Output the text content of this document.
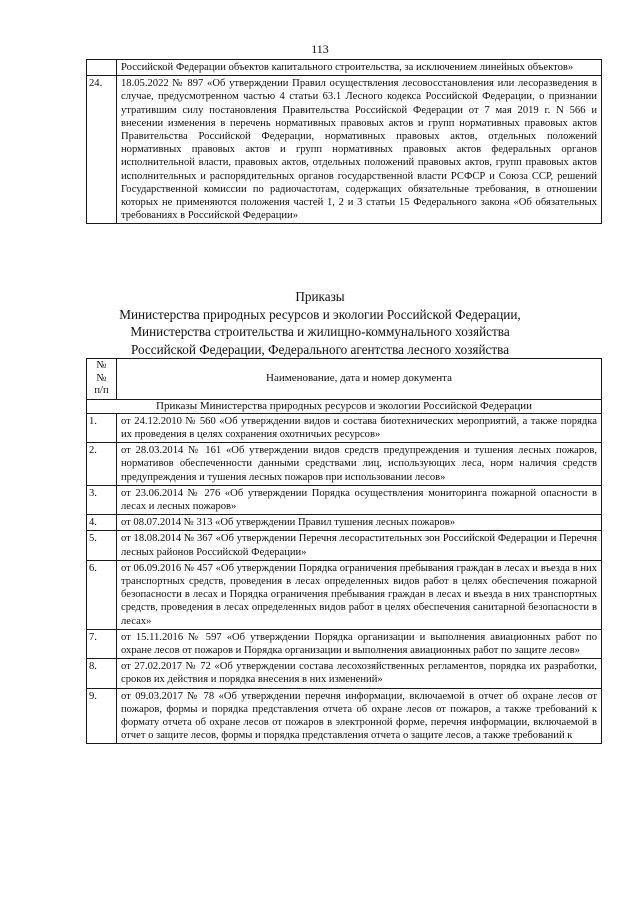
113
	Российской Федерации объектов капитального строительства, за исключением линейных объектов»
24.	18.05.2022 № 897 «Об утверждении Правил осуществления лесовосстановления или лесоразведения в случае, предусмотренном частью 4 статьи 63.1 Лесного кодекса Российской Федерации, о признании утратившим силу постановления Правительства Российской Федерации от 7 мая 2019 г. N 566 и внесении изменения в перечень нормативных правовых актов и групп нормативных правовых актов Правительства Российской Федерации, нормативных правовых актов, отдельных положений нормативных правовых актов и групп нормативных правовых актов федеральных органов исполнительной власти, правовых актов, отдельных положений правовых актов, групп правовых актов исполнительных и распорядительных органов государственной власти РСФСР и Союза ССР, решений Государственной комиссии по радиочастотам, содержащих обязательные требования, в отношении которых не применяются положения частей 1, 2 и 3 статьи 15 Федерального закона «Об обязательных требованиях в Российской Федерации»
Приказы
Министерства природных ресурсов и экологии Российской Федерации,
Министерства строительства и жилищно-коммунального хозяйства
Российской Федерации, Федерального агентства лесного хозяйства
№
№
п/п	Наименование, дата и номер документа
Приказы Министерства природных ресурсов и экологии Российской Федерации	
1.	от 24.12.2010 № 560 «Об утверждении видов и состава биотехнических мероприятий, а также порядка их проведения в целях сохранения охотничьих ресурсов»
2.	от 28.03.2014 № 161 «Об утверждении видов средств предупреждения и тушения лесных пожаров, нормативов обеспеченности данными средствами лиц, использующих леса, норм наличия средств предупреждения и тушения лесных пожаров при использовании лесов»
3.	от 23.06.2014 № 276 «Об утверждении Порядка осуществления мониторинга пожарной опасности в лесах и лесных пожаров»
4.	от 08.07.2014 № 313 «Об утверждении Правил тушения лесных пожаров»
5.	от 18.08.2014 № 367 «Об утверждении Перечня лесорастительных зон Российской Федерации и Перечня лесных районов Российской Федерации»
6.	от 06.09.2016 № 457 «Об утверждении Порядка ограничения пребывания граждан в лесах и въезда в них транспортных средств, проведения в лесах определенных видов работ в целях обеспечения пожарной безопасности в лесах и Порядка ограничения пребывания граждан в лесах и въезда в них транспортных средств, проведения в лесах определенных видов работ в целях обеспечения санитарной безопасности в лесах»
7.	от 15.11.2016 № 597 «Об утверждении Порядка организации и выполнения авиационных работ по охране лесов от пожаров и Порядка организации и выполнения авиационных работ по защите лесов»
8.	от 27.02.2017 № 72 «Об утверждении состава лесохозяйственных регламентов, порядка их разработки, сроков их действия и порядка внесения в них изменений»
9.	от 09.03.2017 № 78 «Об утверждении перечня информации, включаемой в отчет об охране лесов от пожаров, формы и порядка представления отчета об охране лесов от пожаров, а также требований к формату отчета об охране лесов от пожаров в электронной форме, перечня информации, включаемой в отчет о защите лесов, формы и порядка представления отчета о защите лесов, а также требований к
